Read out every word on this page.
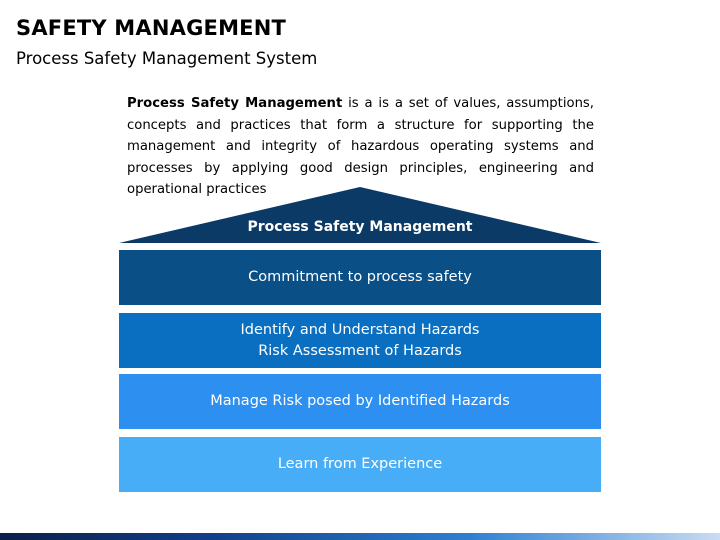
SAFETY MANAGEMENT
Process Safety Management System
Process Safety Management is a is a set of values, assumptions, concepts and practices that form a structure for supporting the management and integrity of hazardous operating systems and processes by applying good design principles, engineering and operational practices
Process Safety Management
Commitment to process safety
Identify and Understand Hazards
Risk Assessment of Hazards
Manage Risk posed by Identified Hazards
Learn from Experience
